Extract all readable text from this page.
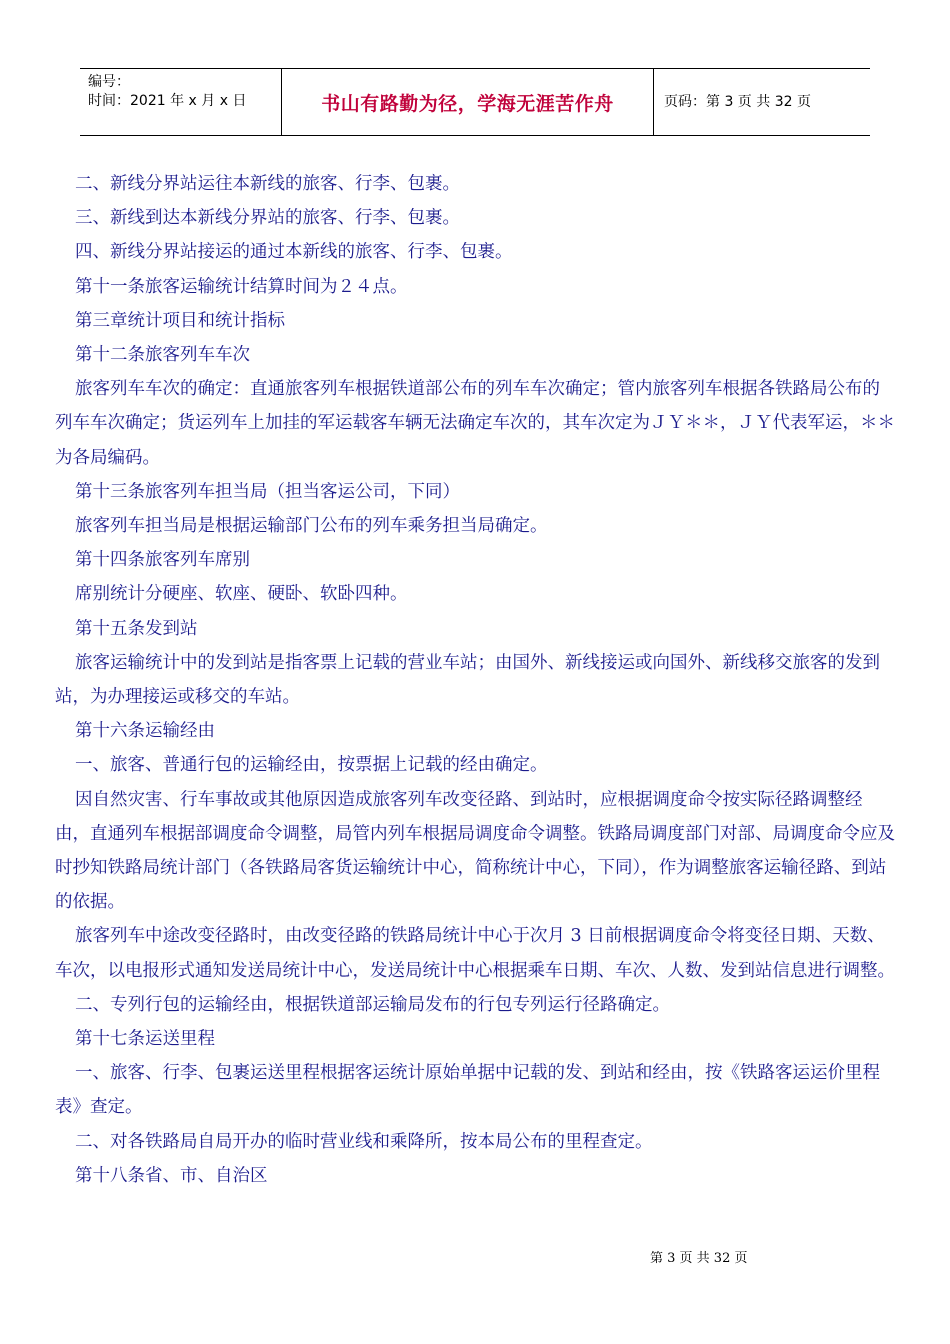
编号：
时间：2021 年 x 月 x 日	书山有路勤为径，学海无涯苦作舟	页码：第 3 页 共 32 页

二、新线分界站运往本新线的旅客、行李、包裹。

三、新线到达本新线分界站的旅客、行李、包裹。

四、新线分界站接运的通过本新线的旅客、行李、包裹。

第十一条旅客运输统计结算时间为２４点。

第三章统计项目和统计指标

第十二条旅客列车车次

旅客列车车次的确定：直通旅客列车根据铁道部公布的列车车次确定；管内旅客列车根据各铁路局公布的列车车次确定；货运列车上加挂的军运载客车辆无法确定车次的，其车次定为ＪＹ＊＊，ＪＹ代表军运，＊＊为各局编码。

第十三条旅客列车担当局（担当客运公司，下同）

旅客列车担当局是根据运输部门公布的列车乘务担当局确定。

第十四条旅客列车席别

席别统计分硬座、软座、硬卧、软卧四种。

第十五条发到站

旅客运输统计中的发到站是指客票上记载的营业车站；由国外、新线接运或向国外、新线移交旅客的发到站，为办理接运或移交的车站。

第十六条运输经由

一、旅客、普通行包的运输经由，按票据上记载的经由确定。

因自然灾害、行车事故或其他原因造成旅客列车改变径路、到站时，应根据调度命令按实际径路调整经由，直通列车根据部调度命令调整，局管内列车根据局调度命令调整。铁路局调度部门对部、局调度命令应及时抄知铁路局统计部门（各铁路局客货运输统计中心，简称统计中心，下同），作为调整旅客运输径路、到站的依据。

旅客列车中途改变径路时，由改变径路的铁路局统计中心于次月 3 日前根据调度命令将变径日期、天数、车次，以电报形式通知发送局统计中心，发送局统计中心根据乘车日期、车次、人数、发到站信息进行调整。

二、专列行包的运输经由，根据铁道部运输局发布的行包专列运行径路确定。

第十七条运送里程

一、旅客、行李、包裹运送里程根据客运统计原始单据中记载的发、到站和经由，按《铁路客运运价里程表》查定。

二、对各铁路局自局开办的临时营业线和乘降所，按本局公布的里程查定。

第十八条省、市、自治区

第 3 页 共 32 页
